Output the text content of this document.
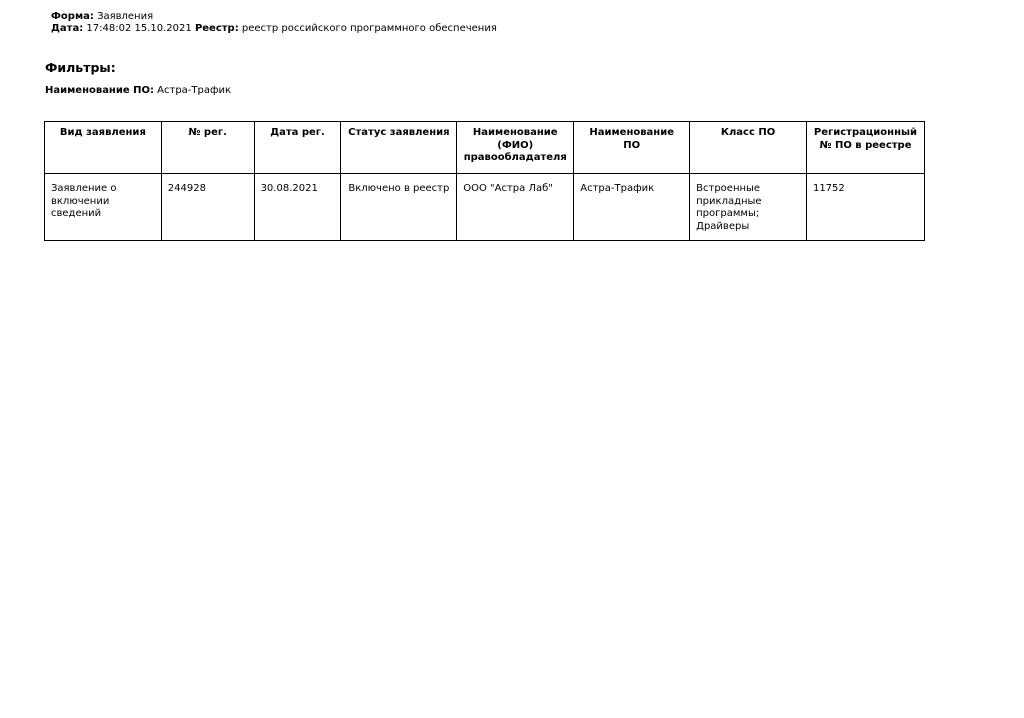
Форма: Заявления
Дата: 17:48:02 15.10.2021 Реестр: реестр российского программного обеспечения
Фильтры:
Наименование ПО: Астра-Трафик
Вид заявления	№ рег.	Дата рег.	Статус заявления	Наименование (ФИО) правообладателя	Наименование ПО	Класс ПО	Регистрационный № ПО в реестре
Заявление о включении сведений	244928	30.08.2021	Включено в реестр	ООО "Астра Лаб"	Астра-Трафик	Встроенные прикладные программы; Драйверы	11752
